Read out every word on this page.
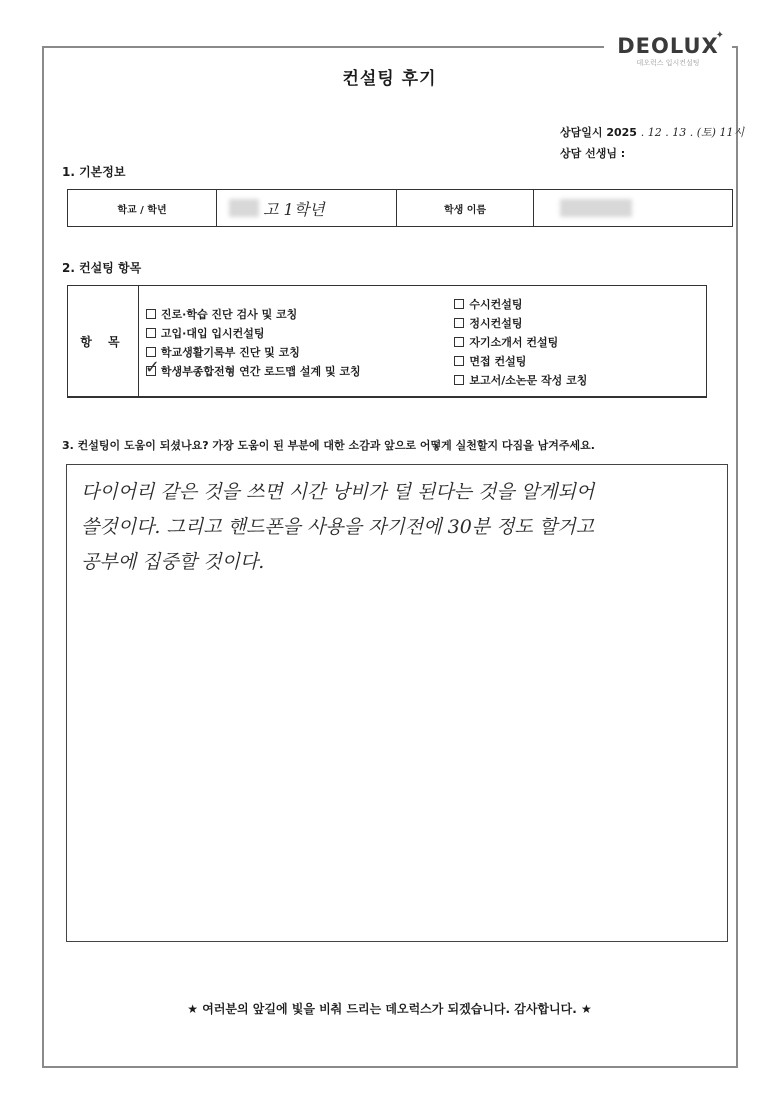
DEOLUX
✦
데오럭스 입시컨설팅
컨설팅 후기
상담일시 2025 . 12 . 13 . (토) 11시
상담 선생님 :
1. 기본정보
학교 / 학년	고 1학년	학생 이름
2. 컨설팅 항목
항 목
진로·학습 진단 검사 및 코칭
고입·대입 입시컨설팅
학교생활기록부 진단 및 코칭
✓ 학생부종합전형 연간 로드맵 설계 및 코칭
수시컨설팅
정시컨설팅
자기소개서 컨설팅
면접 컨설팅
보고서/소논문 작성 코칭
3. 컨설팅이 도움이 되셨나요? 가장 도움이 된 부분에 대한 소감과 앞으로 어떻게 실천할지 다짐을 남겨주세요.
다이어리 같은 것을 쓰면 시간 낭비가 덜 된다는 것을 알게되어
쓸것이다. 그리고 핸드폰을 사용을 자기전에 30분 정도 할거고
공부에 집중할 것이다.
★ 여러분의 앞길에 빛을 비춰 드리는 데오럭스가 되겠습니다. 감사합니다. ★
